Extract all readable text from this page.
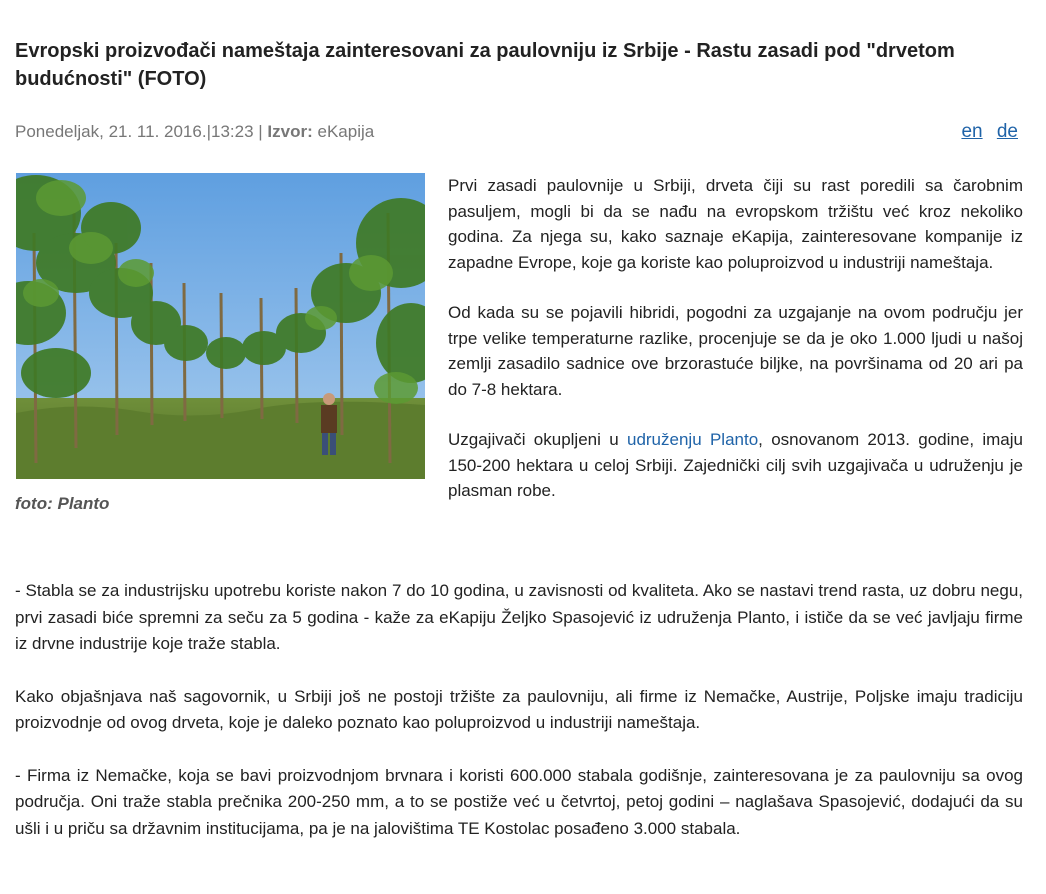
Evropski proizvođači nameštaja zainteresovani za paulovniju iz Srbije - Rastu zasadi pod "drvetom budućnosti" (FOTO)
Ponedeljak, 21. 11. 2016.|13:23 | Izvor: eKapija	en de
foto: Planto

Prvi zasadi paulovnije u Srbiji, drveta čiji su rast poredili sa čarobnim pasuljem, mogli bi da se nađu na evropskom tržištu već kroz nekoliko godina. Za njega su, kako saznaje eKapija, zainteresovane kompanije iz zapadne Evrope, koje ga koriste kao poluproizvod u industriji nameštaja.

Od kada su se pojavili hibridi, pogodni za uzgajanje na ovom području jer trpe velike temperaturne razlike, procenjuje se da je oko 1.000 ljudi u našoj zemlji zasadilo sadnice ove brzorastuće biljke, na površinama od 20 ari pa do 7-8 hektara.

Uzgajivači okupljeni u udruženju Planto, osnovanom 2013. godine, imaju 150-200 hektara u celoj Srbiji. Zajednički cilj svih uzgajivača u udruženju je plasman robe.

- Stabla se za industrijsku upotrebu koriste nakon 7 do 10 godina, u zavisnosti od kvaliteta. Ako se nastavi trend rasta, uz dobru negu, prvi zasadi biće spremni za seču za 5 godina - kaže za eKapiju Željko Spasojević iz udruženja Planto, i ističe da se već javljaju firme iz drvne industrije koje traže stabla.

Kako objašnjava naš sagovornik, u Srbiji još ne postoji tržište za paulovniju, ali firme iz Nemačke, Austrije, Poljske imaju tradiciju proizvodnje od ovog drveta, koje je daleko poznato kao poluproizvod u industriji nameštaja.

- Firma iz Nemačke, koja se bavi proizvodnjom brvnara i koristi 600.000 stabala godišnje, zainteresovana je za paulovniju sa ovog područja. Oni traže stabla prečnika 200-250 mm, a to se postiže već u četvrtoj, petoj godini – naglašava Spasojević, dodajući da su ušli i u priču sa državnim institucijama, pa je na jalovištima TE Kostolac posađeno 3.000 stabala.
